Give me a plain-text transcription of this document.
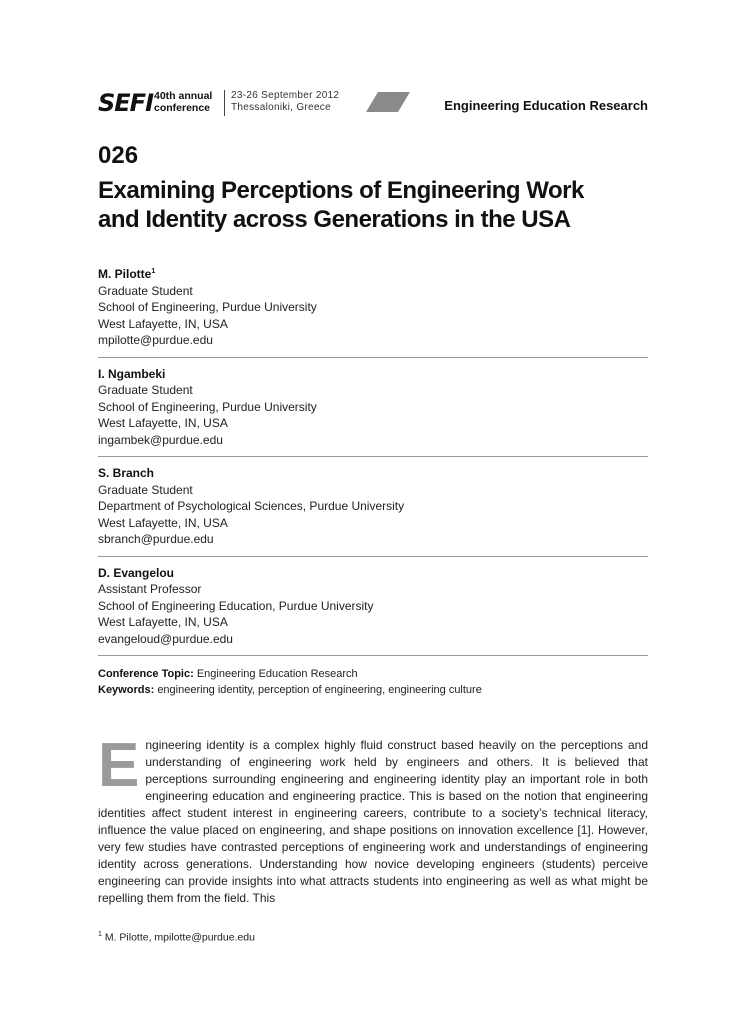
SEFI 40th annual
conference
23-26 September 2012
Thessaloniki, Greece	Engineering Education Research
026
Examining Perceptions of Engineering Work
and Identity across Generations in the USA
M. Pilotte$^1$
Graduate Student
School of Engineering, Purdue University
West Lafayette, IN, USA
mpilotte@purdue.edu
I. Ngambeki
Graduate Student
School of Engineering, Purdue University
West Lafayette, IN, USA
ingambek@purdue.edu
S. Branch
Graduate Student
Department of Psychological Sciences, Purdue University
West Lafayette, IN, USA
sbranch@purdue.edu
D. Evangelou
Assistant Professor
School of Engineering Education, Purdue University
West Lafayette, IN, USA
evangeloud@purdue.edu
Conference Topic: Engineering Education Research
Keywords: engineering identity, perception of engineering, engineering culture
Engineering identity is a complex highly fluid construct based heavily on the perceptions and understanding of engineering work held by engineers and others. It is believed that perceptions surrounding engineering and engineering identity play an important role in both engineering education and engineering practice. This is based on the notion that engineering identities affect student interest in engineering careers, contribute to a society’s technical literacy, influence the value placed on engineering, and shape positions on innovation excellence [1]. However, very few studies have contrasted perceptions of engineering work and understandings of engineering identity across generations. Understanding how novice developing engineers (students) perceive engineering can provide insights into what attracts students into engineering as well as what might be repelling them from the field. This
$^1$ M. Pilotte, mpilotte@purdue.edu
